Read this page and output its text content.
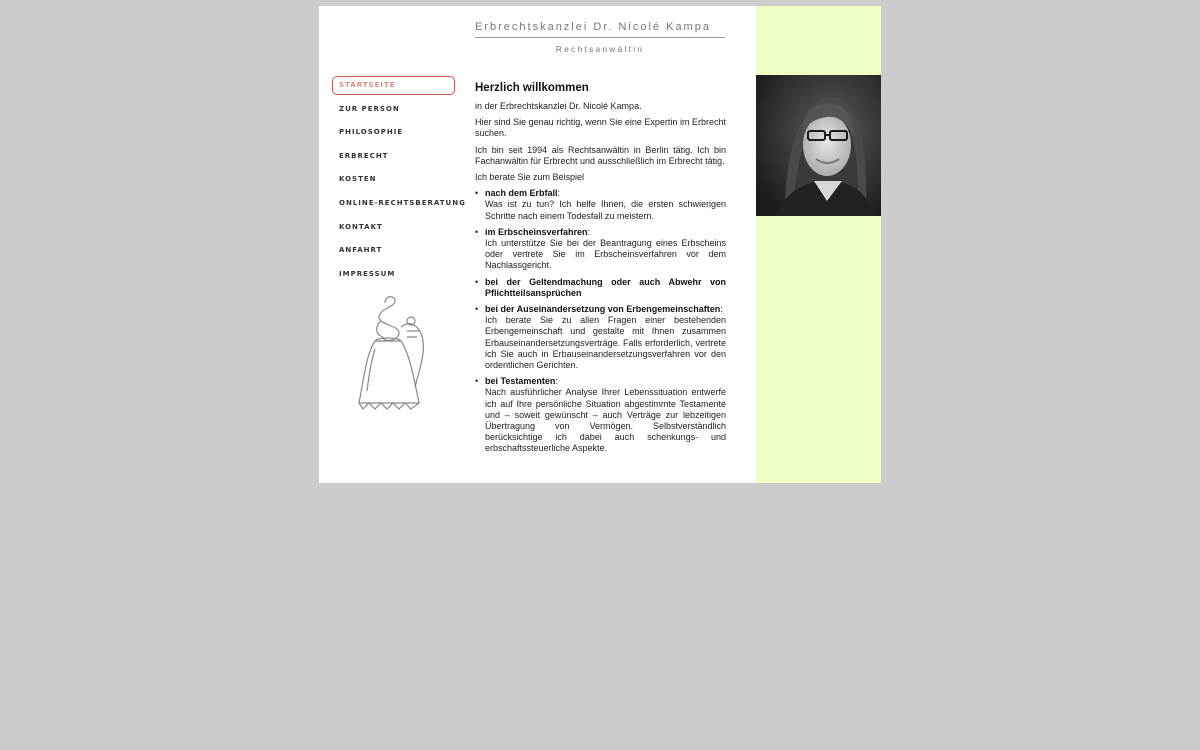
Erbrechtskanzlei Dr. Nicolé Kampa
Rechtsanwältin
STARTSEITE
ZUR PERSON
PHILOSOPHIE
ERBRECHT
KOSTEN
ONLINE-RECHTSBERATUNG
KONTAKT
ANFAHRT
IMPRESSUM
Herzlich willkommen

in der Erbrechtskanzlei Dr. Nicolé Kampa.

Hier sind Sie genau richtig, wenn Sie eine Expertin im Erbrecht suchen.

Ich bin seit 1994 als Rechtsanwältin in Berlin tätig. Ich bin Fachanwältin für Erbrecht und ausschließlich im Erbrecht tätig.

Ich berate Sie zum Beispiel

• nach dem Erbfall:
Was ist zu tun? Ich helfe Ihnen, die ersten schwierigen Schritte nach einem Todesfall zu meistern.
• im Erbscheinsverfahren:
Ich unterstütze Sie bei der Beantragung eines Erbscheins oder vertrete Sie im Erbscheinsverfahren vor dem Nachlassgericht.
• bei der Geltendmachung oder auch Abwehr von Pflichtteilsansprüchen
• bei der Auseinandersetzung von Erbengemeinschaften:
Ich berate Sie zu allen Fragen einer bestehenden Erbengemeinschaft und gestalte mit Ihnen zusammen Erbauseinandersetzungsverträge. Falls erforderlich, vertrete ich Sie auch in Erbauseinandersetzungsverfahren vor den ordentlichen Gerichten.
• bei Testamenten:
Nach ausführlicher Analyse Ihrer Lebenssituation entwerfe ich auf Ihre persönliche Situation abgestimmte Testamente und – soweit gewünscht – auch Verträge zur lebzeitigen Übertragung von Vermögen. Selbstverständlich berücksichtige ich dabei auch schenkungs- und erbschaftssteuerliche Aspekte.
